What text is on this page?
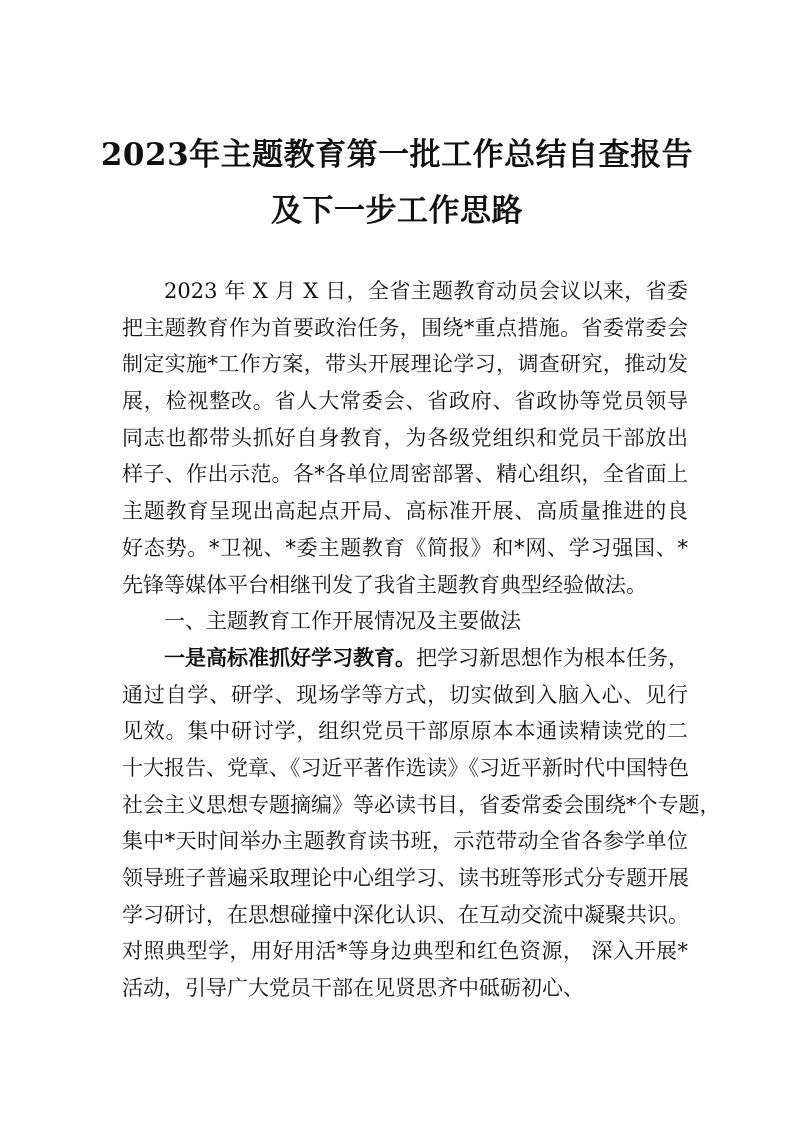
2023年主题教育第一批工作总结自查报告
及下一步工作思路
2023 年 X 月 X 日，全省主题教育动员会议以来，省委
把主题教育作为首要政治任务，围绕*重点措施。省委常委会
制定实施*工作方案，带头开展理论学习，调查研究，推动发
展，检视整改。省人大常委会、省政府、省政协等党员领导
同志也都带头抓好自身教育，为各级党组织和党员干部放出
样子、作出示范。各*各单位周密部署、精心组织，全省面上
主题教育呈现出高起点开局、高标准开展、高质量推进的良
好态势。*卫视、*委主题教育《简报》和*网、学习强国、*
先锋等媒体平台相继刊发了我省主题教育典型经验做法。
一、主题教育工作开展情况及主要做法
一是高标准抓好学习教育。把学习新思想作为根本任务，
通过自学、研学、现场学等方式，切实做到入脑入心、见行
见效。集中研讨学，组织党员干部原原本本通读精读党的二
十大报告、党章、《习近平著作选读》《习近平新时代中国特色
社会主义思想专题摘编》等必读书目，省委常委会围绕*个专题，
集中*天时间举办主题教育读书班，示范带动全省各参学单位
领导班子普遍采取理论中心组学习、读书班等形式分专题开展
学习研讨，在思想碰撞中深化认识、在互动交流中凝聚共识。
对照典型学，用好用活*等身边典型和红色资源， 深入开展*
活动，引导广大党员干部在见贤思齐中砥砺初心、
